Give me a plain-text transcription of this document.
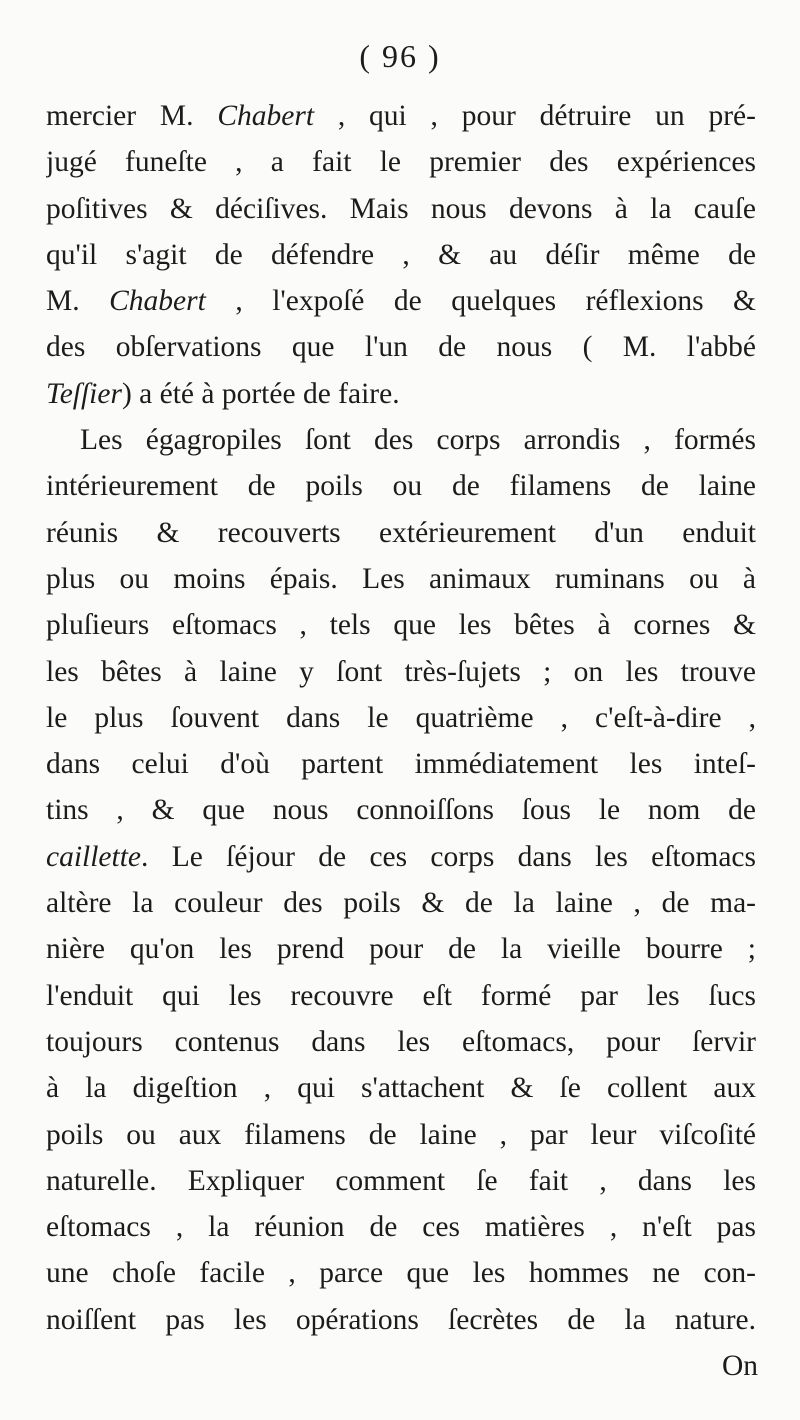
( 96 )
mercier M. Chabert , qui , pour détruire un pré-
jugé funeſte , a fait le premier des expériences
poſitives & déciſives. Mais nous devons à la cauſe
qu'il s'agit de défendre , & au déſir même de
M. Chabert , l'expoſé de quelques réflexions &
des obſervations que l'un de nous ( M. l'abbé
Teſſier) a été à portée de faire.
Les égagropiles ſont des corps arrondis , formés
intérieurement de poils ou de filamens de laine
réunis & recouverts extérieurement d'un enduit
plus ou moins épais. Les animaux ruminans ou à
pluſieurs eſtomacs , tels que les bêtes à cornes &
les bêtes à laine y ſont très-ſujets ; on les trouve
le plus ſouvent dans le quatrième , c'eſt-à-dire ,
dans celui d'où partent immédiatement les inteſ-
tins , & que nous connoiſſons ſous le nom de
caillette. Le ſéjour de ces corps dans les eſtomacs
altère la couleur des poils & de la laine , de ma-
nière qu'on les prend pour de la vieille bourre ;
l'enduit qui les recouvre eſt formé par les ſucs
toujours contenus dans les eſtomacs, pour ſervir
à la digeſtion , qui s'attachent & ſe collent aux
poils ou aux filamens de laine , par leur viſcoſité
naturelle. Expliquer comment ſe fait , dans les
eſtomacs , la réunion de ces matières , n'eſt pas
une choſe facile , parce que les hommes ne con-
noiſſent pas les opérations ſecrètes de la nature.
On
